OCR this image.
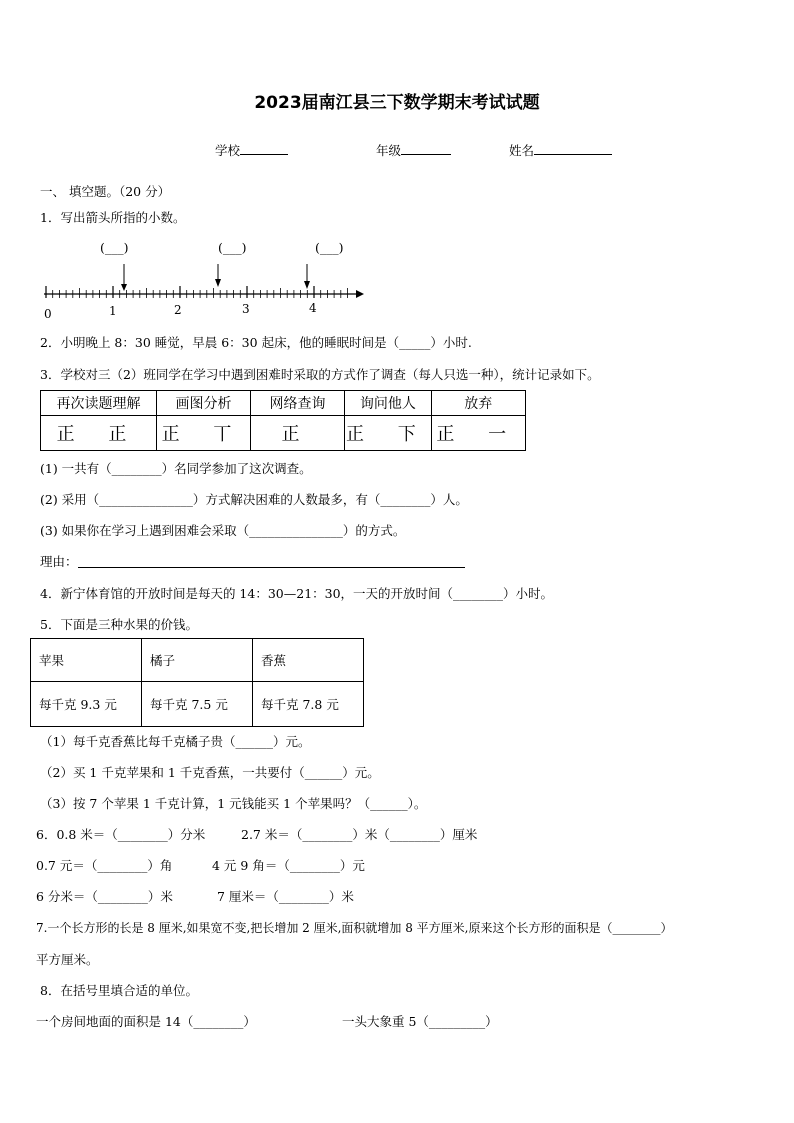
2023届南江县三下数学期末考试试题
学校	年级	姓名
一、 填空题。（20 分）
1．写出箭头所指的小数。
(___)	(___)	(___)
0	1	2	3	4
2．小明晚上 8：30 睡觉，早晨 6：30 起床，他的睡眠时间是（_____）小时.
3．学校对三（2）班同学在学习中遇到困难时采取的方式作了调查（每人只选一种），统计记录如下。
再次读题理解	画图分析	网络查询	询问他人	放弃
正 正	正 丅	正	正 下	正 一
(1) 一共有（________）名同学参加了这次调查。
(2) 采用（_______________）方式解决困难的人数最多，有（________）人。
(3) 如果你在学习上遇到困难会采取（_______________）的方式。
理由：
4．新宁体育馆的开放时间是每天的 14：30—21：30，一天的开放时间（________）小时。
5．下面是三种水果的价钱。
苹果	橘子	香蕉
每千克 9.3 元	每千克 7.5 元	每千克 7.8 元
（1）每千克香蕉比每千克橘子贵（______）元。
（2）买 1 千克苹果和 1 千克香蕉，一共要付（______）元。
（3）按 7 个苹果 1 千克计算，1 元钱能买 1 个苹果吗？（______）。
6．0.8 米＝（________）分米	2.7 米＝（________）米（________）厘米
0.7 元＝（________）角	4 元 9 角＝（________）元
6 分米＝（________）米	7 厘米＝（________）米
7.一个长方形的长是 8 厘米,如果宽不变,把长增加 2 厘米,面积就增加 8 平方厘米,原来这个长方形的面积是（________）
平方厘米。
8．在括号里填合适的单位。
一个房间地面的面积是 14（________）	一头大象重 5（_________）
